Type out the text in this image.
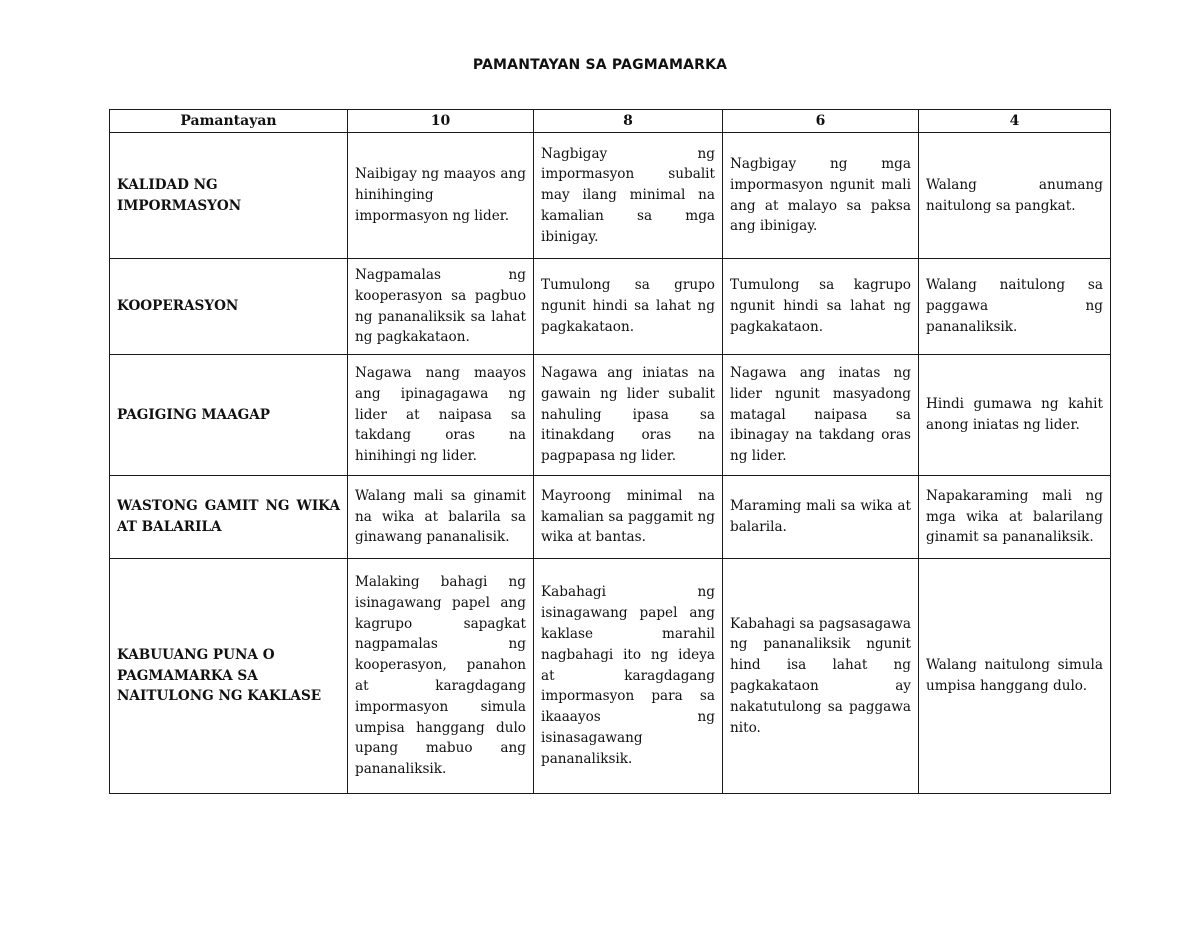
PAMANTAYAN SA PAGMAMARKA
Pamantayan	10	8	6	4
KALIDAD NG IMPORMASYON	Naibigay ng maayos ang hinihinging impormasyon ng lider.	Nagbigay ng impormasyon subalit may ilang minimal na kamalian sa mga ibinigay.	Nagbigay ng mga impormasyon ngunit mali ang at malayo sa paksa ang ibinigay.	Walang anumang naitulong sa pangkat.
KOOPERASYON	Nagpamalas ng kooperasyon sa pagbuo ng pananaliksik sa lahat ng pagkakataon.	Tumulong sa grupo ngunit hindi sa lahat ng pagkakataon.	Tumulong sa kagrupo ngunit hindi sa lahat ng pagkakataon.	Walang naitulong sa paggawa ng pananaliksik.
PAGIGING MAAGAP	Nagawa nang maayos ang ipinagagawa ng lider at naipasa sa takdang oras na hinihingi ng lider.	Nagawa ang iniatas na gawain ng lider subalit nahuling ipasa sa itinakdang oras na pagpapasa ng lider.	Nagawa ang inatas ng lider ngunit masyadong matagal naipasa sa ibinagay na takdang oras ng lider.	Hindi gumawa ng kahit anong iniatas ng lider.
WASTONG GAMIT NG WIKA AT BALARILA	Walang mali sa ginamit na wika at balarila sa ginawang pananalisik.	Mayroong minimal na kamalian sa paggamit ng wika at bantas.	Maraming mali sa wika at balarila.	Napakaraming mali ng mga wika at balarilang ginamit sa pananaliksik.
KABUUANG PUNA O PAGMAMARKA SA NAITULONG NG KAKLASE	Malaking bahagi ng isinagawang papel ang kagrupo sapagkat nagpamalas ng kooperasyon, panahon at karagdagang impormasyon simula umpisa hanggang dulo upang mabuo ang pananaliksik.	Kabahagi ng isinagawang papel ang kaklase marahil nagbahagi ito ng ideya at karagdagang impormasyon para sa ikaaayos ng isinasagawang pananaliksik.	Kabahagi sa pagsasagawa ng pananaliksik ngunit hind isa lahat ng pagkakataon ay nakatutulong sa paggawa nito.	Walang naitulong simula umpisa hanggang dulo.
